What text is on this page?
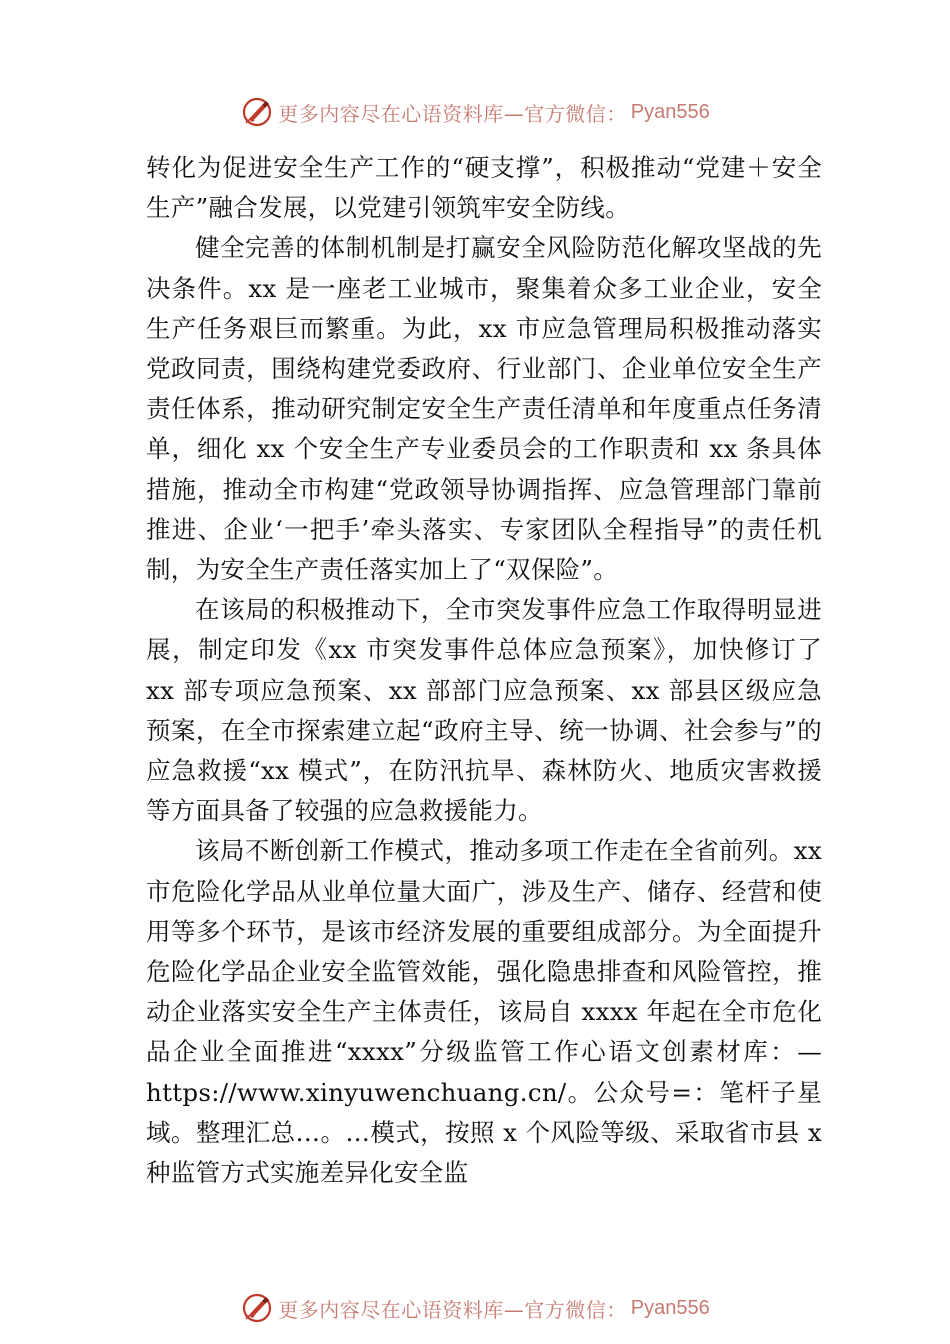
更多内容尽在心语资料库—官方微信： Pyan556

转化为促进安全生产工作的“硬支撑”，积极推动“党建＋安全生产”融合发展，以党建引领筑牢安全防线。

健全完善的体制机制是打赢安全风险防范化解攻坚战的先决条件。xx 是一座老工业城市，聚集着众多工业企业，安全生产任务艰巨而繁重。为此，xx 市应急管理局积极推动落实党政同责，围绕构建党委政府、行业部门、企业单位安全生产责任体系，推动研究制定安全生产责任清单和年度重点任务清单，细化 xx 个安全生产专业委员会的工作职责和 xx 条具体措施，推动全市构建“党政领导协调指挥、应急管理部门靠前推进、企业‘一把手’牵头落实、专家团队全程指导”的责任机制，为安全生产责任落实加上了“双保险”。

在该局的积极推动下，全市突发事件应急工作取得明显进展，制定印发《xx 市突发事件总体应急预案》，加快修订了 xx 部专项应急预案、xx 部部门应急预案、xx 部县区级应急预案，在全市探索建立起“政府主导、统一协调、社会参与”的应急救援“xx 模式”，在防汛抗旱、森林防火、地质灾害救援等方面具备了较强的应急救援能力。

该局不断创新工作模式，推动多项工作走在全省前列。xx 市危险化学品从业单位量大面广，涉及生产、储存、经营和使用等多个环节，是该市经济发展的重要组成部分。为全面提升危险化学品企业安全监管效能，强化隐患排查和风险管控，推动企业落实安全生产主体责任，该局自 xxxx 年起在全市危化品企业全面推进“xxxx”分级监管工作心语文创素材库：—https://www.xinyuwenchuang.cn/。公众号=：笔杆子星域。整理汇总…。…模式，按照 x 个风险等级、采取省市县 x 种监管方式实施差异化安全监

更多内容尽在心语资料库—官方微信： Pyan556
